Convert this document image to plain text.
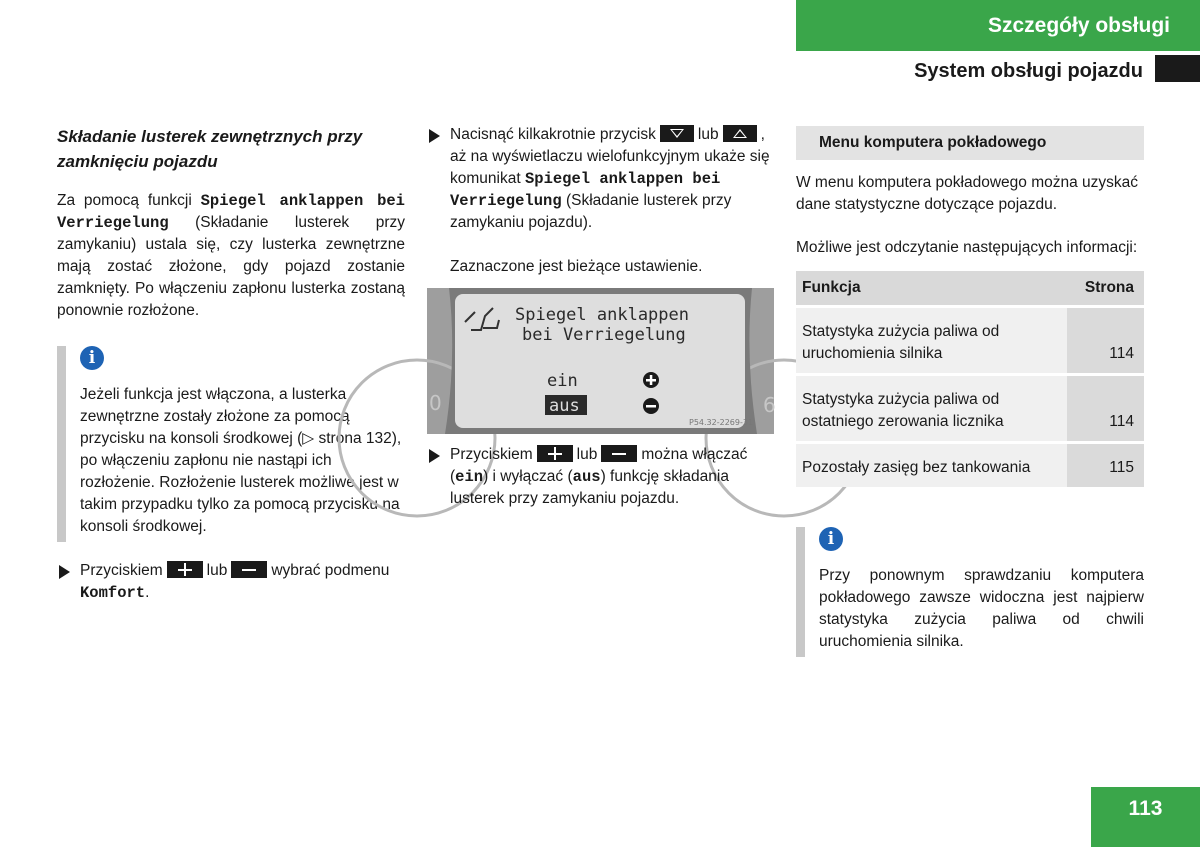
Szczegóły obsługi
System obsługi pojazdu
Składanie lusterek zewnętrznych przy zamknięciu pojazdu

Za pomocą funkcji Spiegel anklappen bei Verriegelung (Składanie lusterek przy zamykaniu) ustala się, czy lusterka zewnętrzne mają zostać złożone, gdy pojazd zostanie zamknięty. Po włączeniu zapłonu lusterka zostaną ponownie rozłożone.

i

Jeżeli funkcja jest włączona, a lusterka zewnętrzne zostały złożone za pomocą przycisku na konsoli środkowej (▷ strona 132), po włączeniu zapłonu nie nastąpi ich rozłożenie. Rozłożenie lusterek możliwe jest w takim przypadku tylko za pomocą przycisku na konsoli środkowej.

Przyciskiem	lub	wybrać podmenu
Komfort.
Nacisnąć kilkakrotnie przycisk	lub	, aż na wyświetlaczu wielofunkcyjnym ukaże się komunikat Spiegel anklappen bei Verriegelung (Składanie lusterek przy zamykaniu pojazdu).

Zaznaczone jest bieżące ustawienie.

0	6
Spiegel anklappen
bei Verriegelung
ein
aus
P54.32-2269-31
Przyciskiem	lub	można włączać (ein) i wyłączać (aus) funkcję składania lusterek przy zamykaniu pojazdu.
Menu komputera pokładowego

W menu komputera pokładowego można uzyskać dane statystyczne dotyczące pojazdu.

Możliwe jest odczytanie następujących informacji:

Funkcja	Strona
Statystyka zużycia paliwa od uruchomienia silnika	114
Statystyka zużycia paliwa od ostatniego zerowania licznika	114
Pozostały zasięg bez tankowania	115
i

Przy ponownym sprawdzaniu komputera pokładowego zawsze widoczna jest najpierw statystyka zużycia paliwa od chwili uruchomienia silnika.

113
